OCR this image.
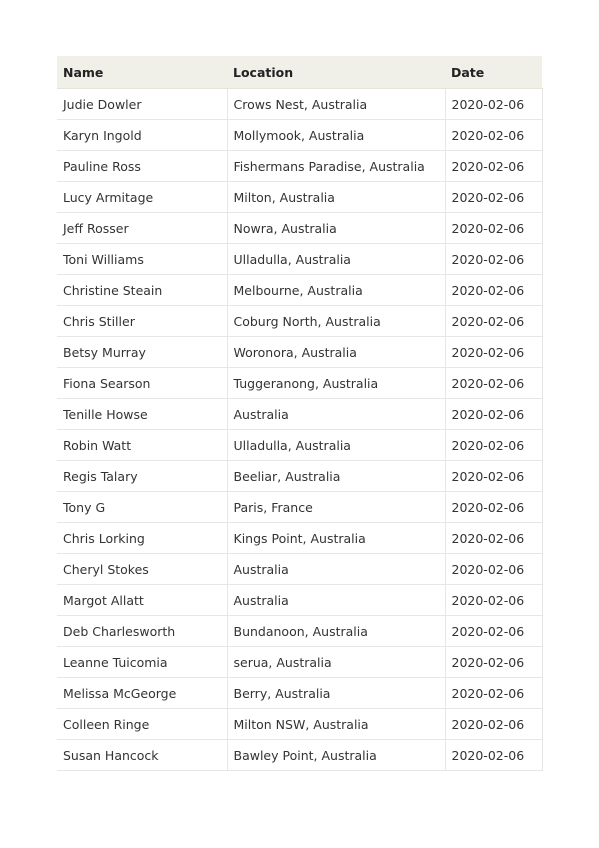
Name	Location	Date
Judie Dowler	Crows Nest, Australia	2020-02-06
Karyn Ingold	Mollymook, Australia	2020-02-06
Pauline Ross	Fishermans Paradise, Australia	2020-02-06
Lucy Armitage	Milton, Australia	2020-02-06
Jeff Rosser	Nowra, Australia	2020-02-06
Toni Williams	Ulladulla, Australia	2020-02-06
Christine Steain	Melbourne, Australia	2020-02-06
Chris Stiller	Coburg North, Australia	2020-02-06
Betsy Murray	Woronora, Australia	2020-02-06
Fiona Searson	Tuggeranong, Australia	2020-02-06
Tenille Howse	Australia	2020-02-06
Robin Watt	Ulladulla, Australia	2020-02-06
Regis Talary	Beeliar, Australia	2020-02-06
Tony G	Paris, France	2020-02-06
Chris Lorking	Kings Point, Australia	2020-02-06
Cheryl Stokes	Australia	2020-02-06
Margot Allatt	Australia	2020-02-06
Deb Charlesworth	Bundanoon, Australia	2020-02-06
Leanne Tuicomia	serua, Australia	2020-02-06
Melissa McGeorge	Berry, Australia	2020-02-06
Colleen Ringe	Milton NSW, Australia	2020-02-06
Susan Hancock	Bawley Point, Australia	2020-02-06
